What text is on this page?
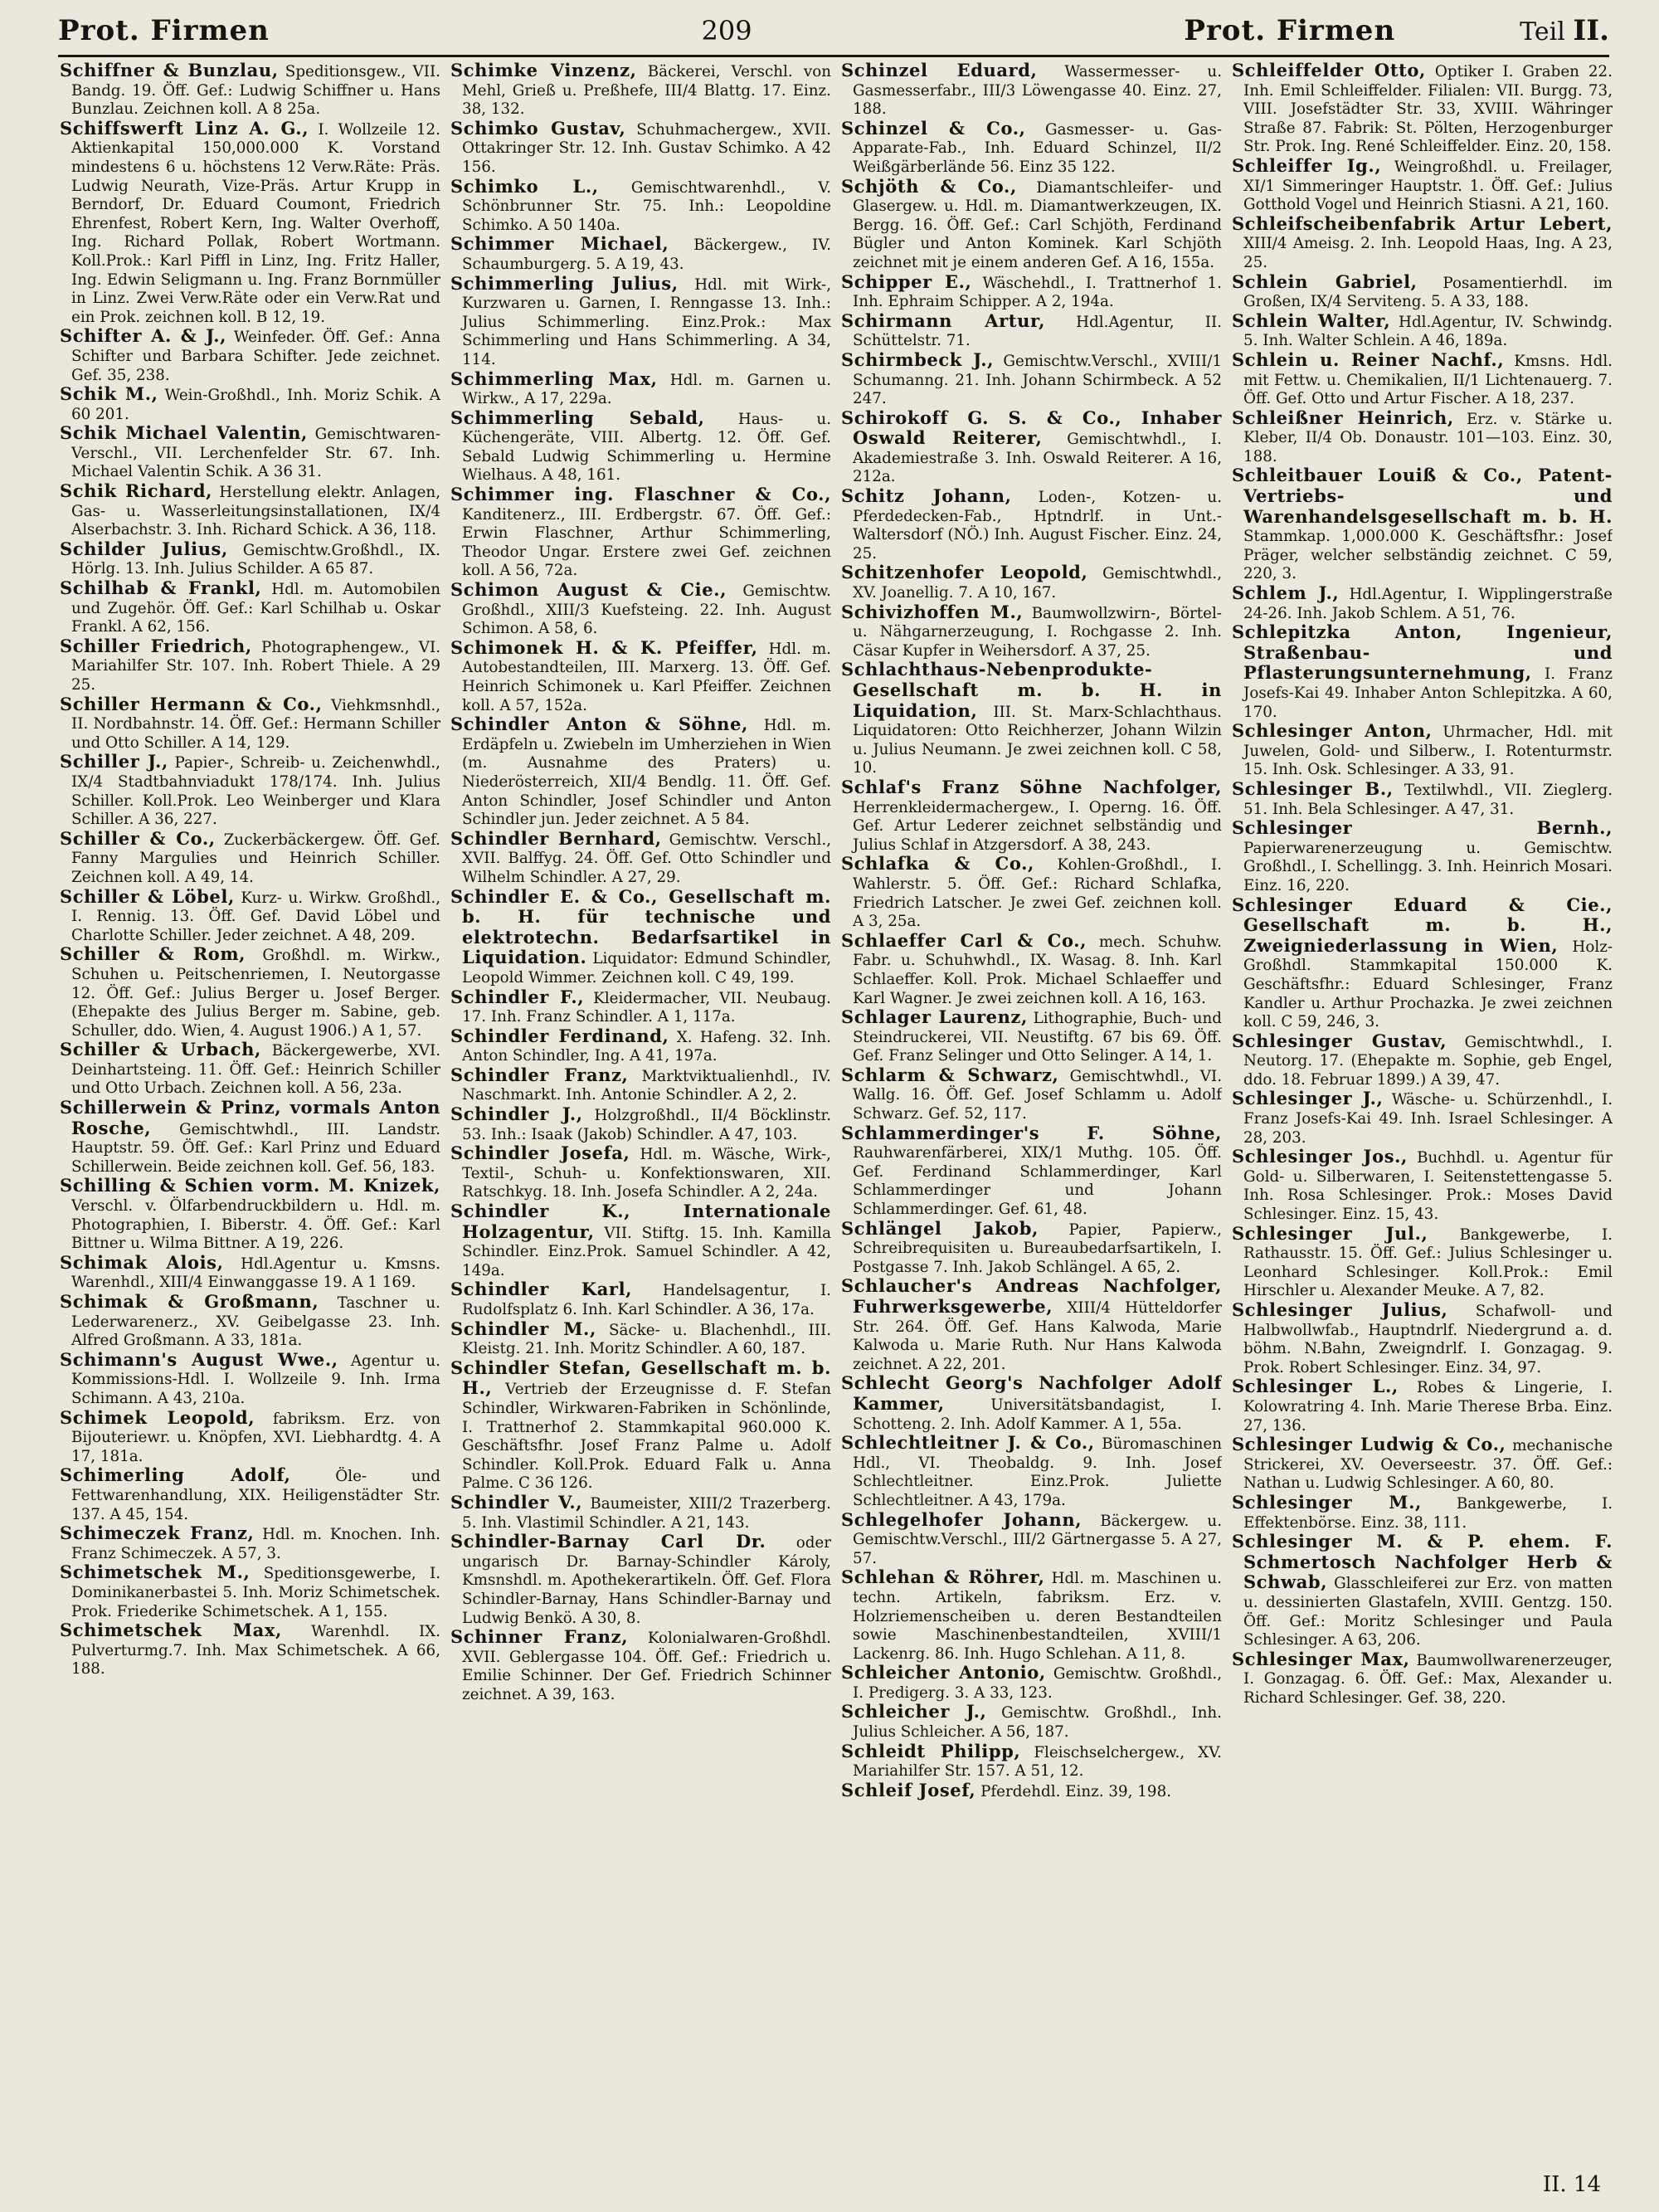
Prot. Firmen	209	Prot. Firmen	Teil II.

Schiffner & Bunzlau, Speditionsgew., VII. Bandg. 19. Öff. Gef.: Ludwig Schiffner u. Hans Bunzlau. Zeichnen koll. A 8 25a.

Schiffswerft Linz A. G., I. Wollzeile 12. Aktienkapital 150,000.000 K. Vorstand mindestens 6 u. höchstens 12 Verw.Räte: Präs. Ludwig Neurath, Vize-Präs. Artur Krupp in Berndorf, Dr. Eduard Coumont, Friedrich Ehrenfest, Robert Kern, Ing. Walter Overhoff, Ing. Richard Pollak, Robert Wortmann. Koll.Prok.: Karl Piffl in Linz, Ing. Fritz Haller, Ing. Edwin Seligmann u. Ing. Franz Bornmüller in Linz. Zwei Verw.Räte oder ein Verw.Rat und ein Prok. zeichnen koll. B 12, 19.

Schifter A. & J., Weinfeder. Öff. Gef.: Anna Schifter und Barbara Schifter. Jede zeichnet. Gef. 35, 238.

Schik M., Wein-Großhdl., Inh. Moriz Schik. A 60 201.

Schik Michael Valentin, Gemischtwaren-Verschl., VII. Lerchenfelder Str. 67. Inh. Michael Valentin Schik. A 36 31.

Schik Richard, Herstellung elektr. Anlagen, Gas- u. Wasserleitungsinstallationen, IX/4 Alserbachstr. 3. Inh. Richard Schick. A 36, 118.

Schilder Julius, Gemischtw.Großhdl., IX. Hörlg. 13. Inh. Julius Schilder. A 65 87.

Schilhab & Frankl, Hdl. m. Automobilen und Zugehör. Öff. Gef.: Karl Schilhab u. Oskar Frankl. A 62, 156.

Schiller Friedrich, Photographengew., VI. Mariahilfer Str. 107. Inh. Robert Thiele. A 29 25.

Schiller Hermann & Co., Viehkmsnhdl., II. Nordbahnstr. 14. Öff. Gef.: Hermann Schiller und Otto Schiller. A 14, 129.

Schiller J., Papier-, Schreib- u. Zeichenwhdl., IX/4 Stadtbahnviadukt 178/174. Inh. Julius Schiller. Koll.Prok. Leo Weinberger und Klara Schiller. A 36, 227.

Schiller & Co., Zuckerbäckergew. Öff. Gef. Fanny Margulies und Heinrich Schiller. Zeichnen koll. A 49, 14.

Schiller & Löbel, Kurz- u. Wirkw. Großhdl., I. Rennig. 13. Öff. Gef. David Löbel und Charlotte Schiller. Jeder zeichnet. A 48, 209.

Schiller & Rom, Großhdl. m. Wirkw., Schuhen u. Peitschenriemen, I. Neutorgasse 12. Öff. Gef.: Julius Berger u. Josef Berger. (Ehepakte des Julius Berger m. Sabine, geb. Schuller, ddo. Wien, 4. August 1906.) A 1, 57.

Schiller & Urbach, Bäckergewerbe, XVI. Deinhartsteing. 11. Öff. Gef.: Heinrich Schiller und Otto Urbach. Zeichnen koll. A 56, 23a.

Schillerwein & Prinz, vormals Anton Rosche, Gemischtwhdl., III. Landstr. Hauptstr. 59. Öff. Gef.: Karl Prinz und Eduard Schillerwein. Beide zeichnen koll. Gef. 56, 183.

Schilling & Schien vorm. M. Knizek, Verschl. v. Ölfarbendruckbildern u. Hdl. m. Photographien, I. Biberstr. 4. Öff. Gef.: Karl Bittner u. Wilma Bittner. A 19, 226.

Schimak Alois, Hdl.Agentur u. Kmsns. Warenhdl., XIII/4 Einwanggasse 19. A 1 169.

Schimak & Großmann, Taschner u. Lederwarenerz., XV. Geibelgasse 23. Inh. Alfred Großmann. A 33, 181a.

Schimann's August Wwe., Agentur u. Kommissions-Hdl. I. Wollzeile 9. Inh. Irma Schimann. A 43, 210a.

Schimek Leopold, fabriksm. Erz. von Bijouteriewr. u. Knöpfen, XVI. Liebhardtg. 4. A 17, 181a.

Schimerling Adolf,	Öle- und Fettwarenhandlung, XIX. Heiligenstädter Str. 137. A 45, 154.

Schimeczek Franz, Hdl. m. Knochen. Inh. Franz Schimeczek. A 57, 3.

Schimetschek M., Speditionsgewerbe, I. Dominikanerbastei 5. Inh. Moriz Schimetschek. Prok. Friederike Schimetschek. A 1, 155.

Schimetschek Max, Warenhdl. IX. Pulverturmg.7. Inh. Max Schimetschek. A 66, 188.

Schimke Vinzenz, Bäckerei, Verschl. von Mehl, Grieß u. Preßhefe, III/4 Blattg. 17. Einz. 38, 132.

Schimko Gustav, Schuhmachergew., XVII. Ottakringer Str. 12. Inh. Gustav Schimko. A 42 156.

Schimko L., Gemischtwarenhdl., V. Schönbrunner Str. 75. Inh.: Leopoldine Schimko. A 50 140a.

Schimmer Michael, Bäckergew., IV. Schaumburgerg. 5. A 19, 43.

Schimmerling Julius, Hdl. mit Wirk-, Kurzwaren u. Garnen, I. Renngasse 13. Inh.: Julius Schimmerling. Einz.Prok.: Max Schimmerling und Hans Schimmerling. A 34, 114.

Schimmerling Max, Hdl. m. Garnen u. Wirkw., A 17, 229a.

Schimmerling Sebald, Haus- u. Küchengeräte, VIII. Albertg. 12. Öff. Gef. Sebald Ludwig Schimmerling u. Hermine Wielhaus. A 48, 161.

Schimmer ing. Flaschner & Co., Kanditenerz., III. Erdbergstr. 67. Öff. Gef.: Erwin Flaschner, Arthur Schimmerling, Theodor Ungar. Erstere zwei Gef. zeichnen koll. A 56, 72a.

Schimon August & Cie., Gemischtw. Großhdl., XIII/3 Kuefsteing. 22. Inh. August Schimon. A 58, 6.

Schimonek H. & K. Pfeiffer, Hdl. m. Autobestandteilen, III. Marxerg. 13. Öff. Gef. Heinrich Schimonek u. Karl Pfeiffer. Zeichnen koll. A 57, 152a.

Schindler Anton & Söhne, Hdl. m. Erdäpfeln u. Zwiebeln im Umherziehen in Wien (m. Ausnahme des Praters) u. Niederösterreich, XII/4 Bendlg. 11. Öff. Gef. Anton Schindler, Josef Schindler und Anton Schindler jun. Jeder zeichnet. A 5 84.

Schindler Bernhard, Gemischtw. Verschl., XVII. Balffyg. 24. Öff. Gef. Otto Schindler und Wilhelm Schindler. A 27, 29.

Schindler E. & Co., Gesellschaft m. b. H. für technische und elektrotechn. Bedarfsartikel in Liquidation. Liquidator: Edmund Schindler, Leopold Wimmer. Zeichnen koll. C 49, 199.

Schindler F., Kleidermacher, VII. Neubaug. 17. Inh. Franz Schindler. A 1, 117a.

Schindler Ferdinand, X. Hafeng. 32. Inh. Anton Schindler, Ing. A 41, 197a.

Schindler Franz, Marktviktualienhdl., IV. Naschmarkt. Inh. Antonie Schindler. A 2, 2.

Schindler J., Holzgroßhdl., II/4 Böcklinstr. 53. Inh.: Isaak (Jakob) Schindler. A 47, 103.

Schindler Josefa, Hdl. m. Wäsche, Wirk-, Textil-, Schuh- u. Konfektionswaren, XII. Ratschkyg. 18. Inh. Josefa Schindler. A 2, 24a.

Schindler K., Internationale Holzagentur, VII. Stiftg. 15. Inh. Kamilla Schindler. Einz.Prok. Samuel Schindler. A 42, 149a.

Schindler Karl, Handelsagentur, I. Rudolfsplatz 6. Inh. Karl Schindler. A 36, 17a.

Schindler M., Säcke- u. Blachenhdl., III. Kleistg. 21. Inh. Moritz Schindler. A 60, 187.

Schindler Stefan, Gesellschaft m. b. H., Vertrieb der Erzeugnisse d. F. Stefan Schindler, Wirkwaren-Fabriken in Schönlinde, I. Trattnerhof 2. Stammkapital 960.000 K. Geschäftsfhr. Josef Franz Palme u. Adolf Schindler. Koll.Prok. Eduard Falk u. Anna Palme. C 36 126.

Schindler V., Baumeister, XIII/2 Trazerberg. 5. Inh. Vlastimil Schindler. A 21, 143.

Schindler-Barnay Carl Dr. oder ungarisch Dr. Barnay-Schindler Károly, Kmsnshdl. m. Apothekerartikeln. Öff. Gef. Flora Schindler-Barnay, Hans Schindler-Barnay und Ludwig Benkö. A 30, 8.

Schinner Franz, Kolonialwaren-Großhdl. XVII. Geblergasse 104. Öff. Gef.: Friedrich u. Emilie Schinner. Der Gef. Friedrich Schinner zeichnet. A 39, 163.

Schinzel Eduard, Wassermesser- u. Gasmesserfabr., III/3 Löwengasse 40. Einz. 27, 188.

Schinzel & Co., Gasmesser- u. Gas-Apparate-Fab., Inh. Eduard Schinzel, II/2 Weißgärberlände 56. Einz 35 122.

Schjöth & Co., Diamantschleifer- und Glasergew. u. Hdl. m. Diamantwerkzeugen, IX. Bergg. 16. Öff. Gef.: Carl Schjöth, Ferdinand Bügler und Anton Kominek. Karl Schjöth zeichnet mit je einem anderen Gef. A 16, 155a.

Schipper E., Wäschehdl., I. Trattnerhof 1. Inh. Ephraim Schipper. A 2, 194a.

Schirmann Artur, Hdl.Agentur, II. Schüttelstr. 71.

Schirmbeck J., Gemischtw.Verschl., XVIII/1 Schumanng. 21. Inh. Johann Schirmbeck. A 52 247.

Schirokoff G. S. & Co., Inhaber Oswald Reiterer, Gemischtwhdl., I. Akademiestraße 3. Inh. Oswald Reiterer. A 16, 212a.

Schitz Johann, Loden-, Kotzen- u. Pferdedecken-Fab., Hptndrlf. in Unt.-Waltersdorf (NÖ.) Inh. August Fischer. Einz. 24, 25.

Schitzenhofer Leopold, Gemischtwhdl., XV. Joanellig. 7. A 10, 167.

Schivizhoffen M., Baumwollzwirn-, Börtel- u. Nähgarnerzeugung, I. Rochgasse 2. Inh. Cäsar Kupfer in Weihersdorf. A 37, 25.

Schlachthaus-Nebenprodukte-Gesellschaft m. b. H. in Liquidation, III. St. Marx-Schlachthaus. Liquidatoren: Otto Reichherzer, Johann Wilzin u. Julius Neumann. Je zwei zeichnen koll. C 58, 10.

Schlaf's Franz Söhne Nachfolger, Herrenkleidermachergew., I. Operng. 16. Öff. Gef. Artur Lederer zeichnet selbständig und Julius Schlaf in Atzgersdorf. A 38, 243.

Schlafka & Co., Kohlen-Großhdl., I. Wahlerstr. 5. Öff. Gef.: Richard Schlafka, Friedrich Latscher. Je zwei Gef. zeichnen koll. A 3, 25a.

Schlaeffer Carl & Co., mech. Schuhw. Fabr. u. Schuhwhdl., IX. Wasag. 8. Inh. Karl Schlaeffer. Koll. Prok. Michael Schlaeffer und Karl Wagner. Je zwei zeichnen koll. A 16, 163.

Schlager Laurenz, Lithographie, Buch- und Steindruckerei, VII. Neustiftg. 67 bis 69. Öff. Gef. Franz Selinger und Otto Selinger. A 14, 1.

Schlarm & Schwarz, Gemischtwhdl., VI. Wallg. 16. Öff. Gef. Josef Schlamm u. Adolf Schwarz. Gef. 52, 117.

Schlammerdinger's F. Söhne, Rauhwarenfärberei, XIX/1 Muthg. 105. Öff. Gef. Ferdinand Schlammerdinger, Karl Schlammerdinger und Johann Schlammerdinger. Gef. 61, 48.

Schlängel Jakob, Papier, Papierw., Schreibrequisiten u. Bureaubedarfsartikeln, I. Postgasse 7. Inh. Jakob Schlängel. A 65, 2.

Schlaucher's Andreas Nachfolger, Fuhrwerksgewerbe, XIII/4 Hütteldorfer Str. 264. Öff. Gef. Hans Kalwoda, Marie Kalwoda u. Marie Ruth. Nur Hans Kalwoda zeichnet. A 22, 201.

Schlecht Georg's Nachfolger Adolf Kammer,	Universitätsbandagist, I. Schotteng. 2. Inh. Adolf Kammer. A 1, 55a.

Schlechtleitner J. & Co., Büromaschinen Hdl., VI. Theobaldg. 9. Inh. Josef Schlechtleitner. Einz.Prok. Juliette Schlechtleitner. A 43, 179a.

Schlegelhofer Johann, Bäckergew. u. Gemischtw.Verschl., III/2 Gärtnergasse 5. A 27, 57.

Schlehan & Röhrer, Hdl. m. Maschinen u. techn. Artikeln, fabriksm. Erz. v. Holzriemenscheiben u. deren Bestandteilen sowie Maschinenbestandteilen, XVIII/1 Lackenrg. 86. Inh. Hugo Schlehan. A 11, 8.

Schleicher Antonio, Gemischtw. Großhdl., I. Predigerg. 3. A 33, 123.

Schleicher J., Gemischtw. Großhdl., Inh. Julius Schleicher. A 56, 187.

Schleidt Philipp, Fleischselchergew., XV. Mariahilfer Str. 157. A 51, 12.

Schleif Josef, Pferdehdl. Einz. 39, 198.

Schleiffelder Otto, Optiker I. Graben 22. Inh. Emil Schleiffelder. Filialen: VII. Burgg. 73, VIII. Josefstädter Str. 33, XVIII. Währinger Straße 87. Fabrik: St. Pölten, Herzogenburger Str. Prok. Ing. René Schleiffelder. Einz. 20, 158.

Schleiffer Ig., Weingroßhdl. u. Freilager, XI/1 Simmeringer Hauptstr. 1. Öff. Gef.: Julius Gotthold Vogel und Heinrich Stiasni. A 21, 160.

Schleifscheibenfabrik Artur Lebert, XIII/4 Ameisg. 2. Inh. Leopold Haas, Ing. A 23, 25.

Schlein Gabriel, Posamentierhdl. im Großen, IX/4 Serviteng. 5. A 33, 188.

Schlein Walter, Hdl.Agentur, IV. Schwindg. 5. Inh. Walter Schlein. A 46, 189a.

Schlein u. Reiner Nachf., Kmsns. Hdl. mit Fettw. u. Chemikalien, II/1 Lichtenauerg. 7. Öff. Gef. Otto und Artur Fischer. A 18, 237.

Schleißner Heinrich, Erz. v. Stärke u. Kleber, II/4 Ob. Donaustr. 101—103. Einz. 30, 188.

Schleitbauer Louiß & Co., Patent-Vertriebs- und Warenhandelsgesellschaft m. b. H. Stammkap. 1,000.000 K. Geschäftsfhr.: Josef Präger, welcher selbständig zeichnet. C 59, 220, 3.

Schlem J., Hdl.Agentur, I. Wipplingerstraße 24-26. Inh. Jakob Schlem. A 51, 76.

Schlepitzka Anton, Ingenieur, Straßenbau- und Pflasterungsunternehmung, I. Franz Josefs-Kai 49. Inhaber Anton Schlepitzka. A 60, 170.

Schlesinger Anton, Uhrmacher, Hdl. mit Juwelen, Gold- und Silberw., I. Rotenturmstr. 15. Inh. Osk. Schlesinger. A 33, 91.

Schlesinger B., Textilwhdl., VII. Zieglerg. 51. Inh. Bela Schlesinger. A 47, 31.

Schlesinger Bernh., Papierwarenerzeugung u. Gemischtw. Großhdl., I. Schellingg. 3. Inh. Heinrich Mosari. Einz. 16, 220.

Schlesinger Eduard & Cie., Gesellschaft m. b. H., Zweigniederlassung in Wien, Holz-Großhdl. Stammkapital 150.000 K. Geschäftsfhr.: Eduard Schlesinger, Franz Kandler u. Arthur Prochazka. Je zwei zeichnen koll. C 59, 246, 3.

Schlesinger Gustav, Gemischtwhdl., I. Neutorg. 17. (Ehepakte m. Sophie, geb Engel, ddo. 18. Februar 1899.) A 39, 47.

Schlesinger J., Wäsche- u. Schürzenhdl., I. Franz Josefs-Kai 49. Inh. Israel Schlesinger. A 28, 203.

Schlesinger Jos., Buchhdl. u. Agentur für Gold- u. Silberwaren, I. Seitenstettengasse 5. Inh. Rosa Schlesinger. Prok.: Moses David Schlesinger. Einz. 15, 43.

Schlesinger Jul., Bankgewerbe, I. Rathausstr. 15. Öff. Gef.: Julius Schlesinger u. Leonhard Schlesinger. Koll.Prok.: Emil Hirschler u. Alexander Meuke. A 7, 82.

Schlesinger Julius, Schafwoll- und Halbwollwfab., Hauptndrlf. Niedergrund a. d. böhm. N.Bahn, Zweigndrlf. I. Gonzagag. 9. Prok. Robert Schlesinger. Einz. 34, 97.

Schlesinger L., Robes & Lingerie, I. Kolowratring 4. Inh. Marie Therese Brba. Einz. 27, 136.

Schlesinger Ludwig & Co., mechanische Strickerei, XV. Oeverseestr. 37. Öff. Gef.: Nathan u. Ludwig Schlesinger. A 60, 80.

Schlesinger M., Bankgewerbe, I. Effektenbörse. Einz. 38, 111.

Schlesinger M. & P. ehem. F. Schmertosch Nachfolger Herb & Schwab, Glasschleiferei zur Erz. von matten u. dessinierten Glastafeln, XVIII. Gentzg. 150. Öff. Gef.: Moritz Schlesinger und Paula Schlesinger. A 63, 206.

Schlesinger Max, Baumwollwarenerzeuger, I. Gonzagag. 6. Öff. Gef.: Max, Alexander u. Richard Schlesinger. Gef. 38, 220.

II. 14
